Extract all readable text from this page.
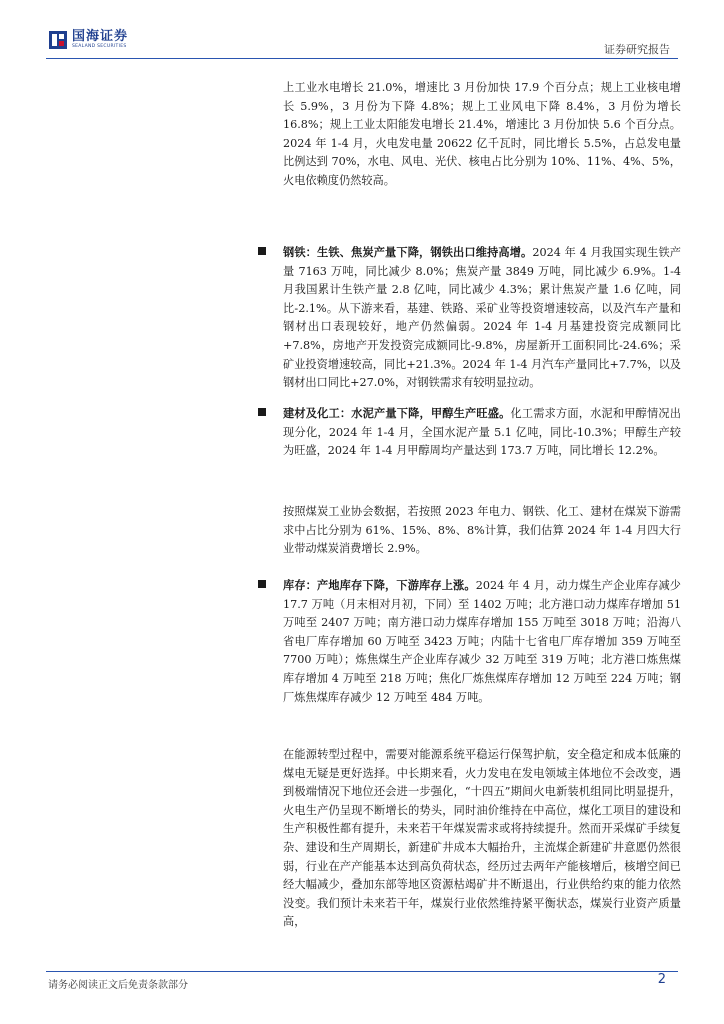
国海证券
SEALAND SECURITIES	证券研究报告

上工业水电增长 21.0%，增速比 3 月份加快 17.9 个百分点；规上工业核电增长 5.9%，3 月份为下降 4.8%；规上工业风电下降 8.4%，3 月份为增长 16.8%；规上工业太阳能发电增长 21.4%，增速比 3 月份加快 5.6 个百分点。2024 年 1-4 月，火电发电量 20622 亿千瓦时，同比增长 5.5%，占总发电量比例达到 70%，水电、风电、光伏、核电占比分别为 10%、11%、4%、5%，火电依赖度仍然较高。

钢铁：生铁、焦炭产量下降，钢铁出口维持高增。2024 年 4 月我国实现生铁产量 7163 万吨，同比减少 8.0%；焦炭产量 3849 万吨，同比减少 6.9%。1-4 月我国累计生铁产量 2.8 亿吨，同比减少 4.3%；累计焦炭产量 1.6 亿吨，同比-2.1%。从下游来看，基建、铁路、采矿业等投资增速较高，以及汽车产量和钢材出口表现较好，地产仍然偏弱。2024 年 1-4 月基建投资完成额同比+7.8%，房地产开发投资完成额同比-9.8%，房屋新开工面积同比-24.6%；采矿业投资增速较高，同比+21.3%。2024 年 1-4 月汽车产量同比+7.7%，以及钢材出口同比+27.0%，对钢铁需求有较明显拉动。

建材及化工：水泥产量下降，甲醇生产旺盛。化工需求方面，水泥和甲醇情况出现分化，2024 年 1-4 月，全国水泥产量 5.1 亿吨，同比-10.3%；甲醇生产较为旺盛，2024 年 1-4 月甲醇周均产量达到 173.7 万吨，同比增长 12.2%。

按照煤炭工业协会数据，若按照 2023 年电力、钢铁、化工、建材在煤炭下游需求中占比分别为 61%、15%、8%、8%计算，我们估算 2024 年 1-4 月四大行业带动煤炭消费增长 2.9%。

库存：产地库存下降，下游库存上涨。2024 年 4 月，动力煤生产企业库存减少 17.7 万吨（月末相对月初，下同）至 1402 万吨；北方港口动力煤库存增加 51 万吨至 2407 万吨；南方港口动力煤库存增加 155 万吨至 3018 万吨；沿海八省电厂库存增加 60 万吨至 3423 万吨；内陆十七省电厂库存增加 359 万吨至 7700 万吨）；炼焦煤生产企业库存减少 32 万吨至 319 万吨；北方港口炼焦煤库存增加 4 万吨至 218 万吨；焦化厂炼焦煤库存增加 12 万吨至 224 万吨；钢厂炼焦煤库存减少 12 万吨至 484 万吨。

在能源转型过程中，需要对能源系统平稳运行保驾护航，安全稳定和成本低廉的煤电无疑是更好选择。中长期来看，火力发电在发电领域主体地位不会改变，遇到极端情况下地位还会进一步强化，“十四五”期间火电新装机组同比明显提升，火电生产仍呈现不断增长的势头，同时油价维持在中高位，煤化工项目的建设和生产积极性都有提升，未来若干年煤炭需求或将持续提升。然而开采煤矿手续复杂、建设和生产周期长，新建矿井成本大幅抬升，主流煤企新建矿井意愿仍然很弱，行业在产产能基本达到高负荷状态，经历过去两年产能核增后，核增空间已经大幅减少，叠加东部等地区资源枯竭矿井不断退出，行业供给约束的能力依然没变。我们预计未来若干年，煤炭行业依然维持紧平衡状态，煤炭行业资产质量高，

请务必阅读正文后免责条款部分	2
